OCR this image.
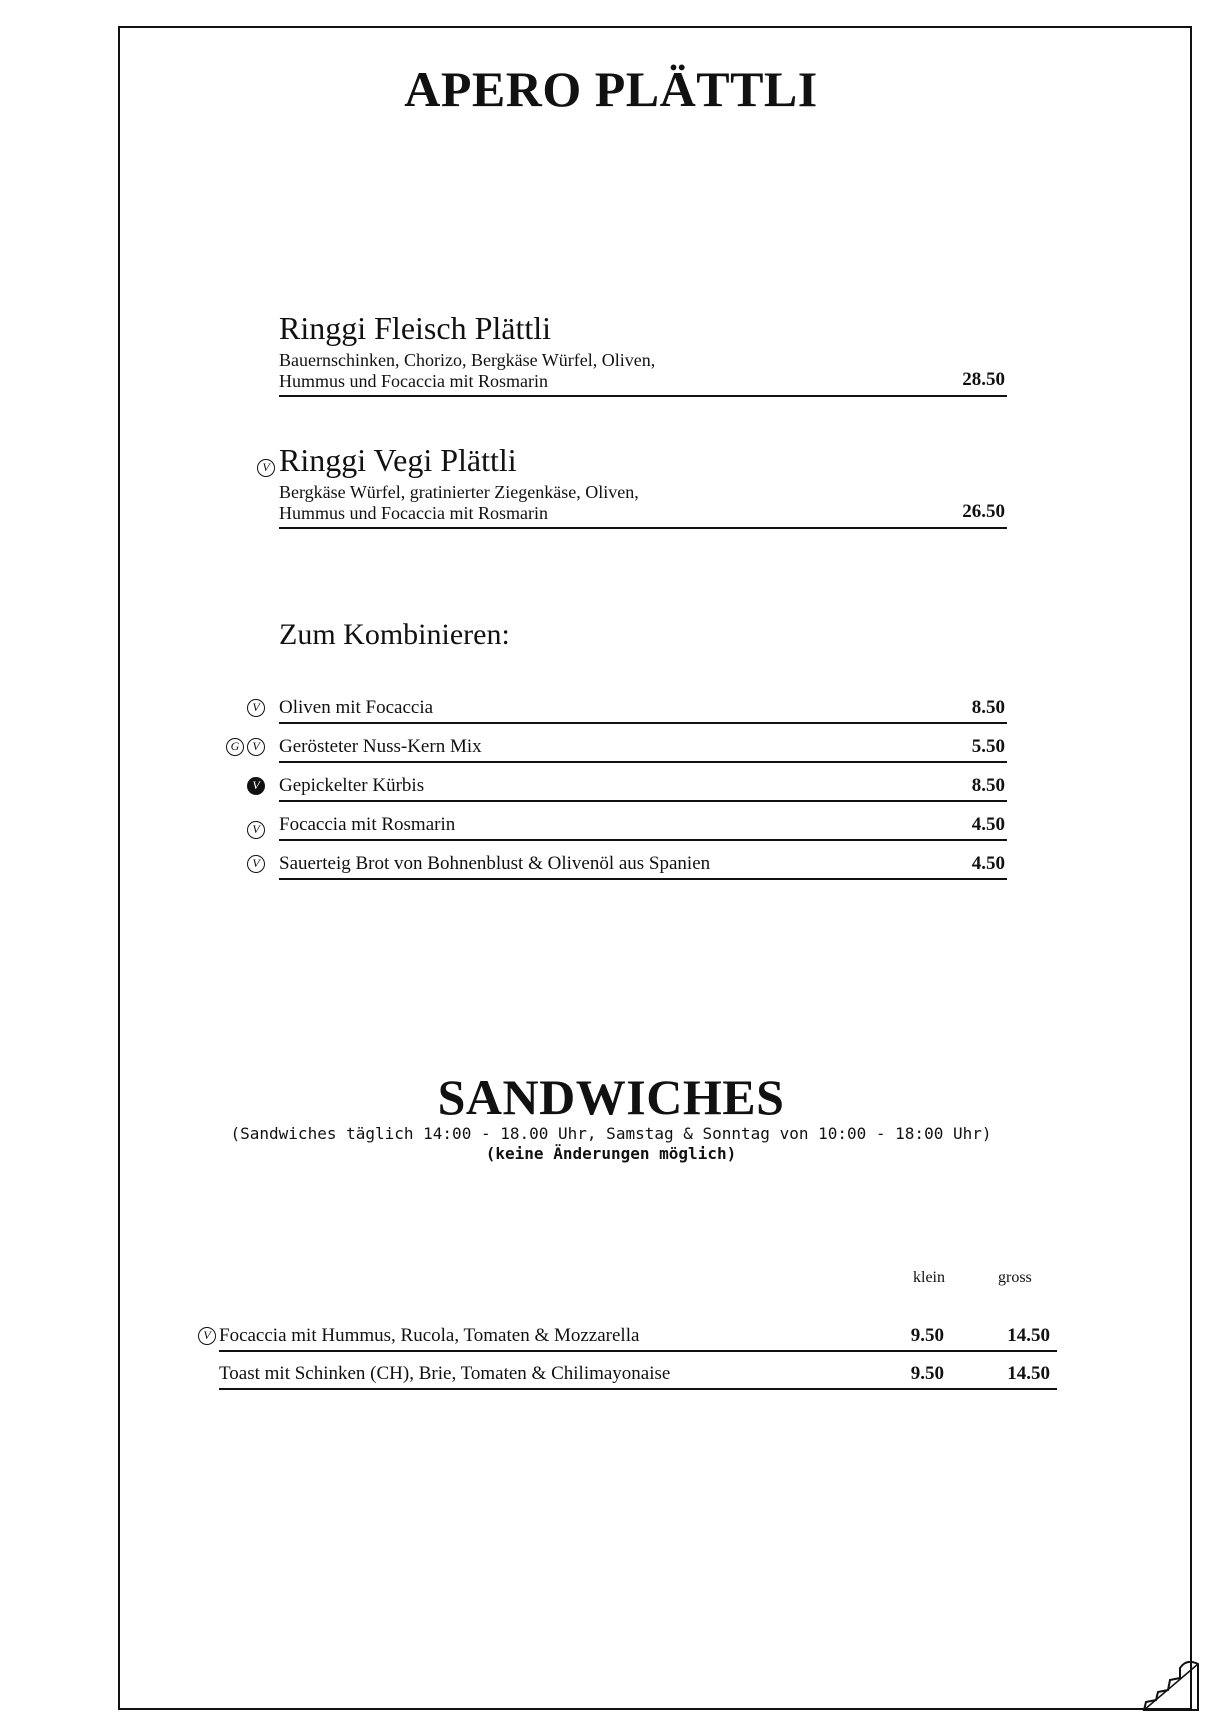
APERO PLÄTTLI
Ringgi Fleisch Plättli
Bauernschinken, Chorizo, Bergkäse Würfel, Oliven,
Hummus und Focaccia mit Rosmarin	28.50
V Ringgi Vegi Plättli
Bergkäse Würfel, gratinierter Ziegenkäse, Oliven,
Hummus und Focaccia mit Rosmarin	26.50
Zum Kombinieren:
V Oliven mit Focaccia	8.50
G	V Gerösteter Nuss-Kern Mix	5.50
V Gepickelter Kürbis	8.50
V Focaccia mit Rosmarin	4.50
V Sauerteig Brot von Bohnenblust & Olivenöl aus Spanien	4.50
SANDWICHES
(Sandwiches täglich 14:00 - 18.00 Uhr, Samstag & Sonntag von 10:00 - 18:00 Uhr)
(keine Änderungen möglich)
klein	gross
V Focaccia mit Hummus, Rucola, Tomaten & Mozzarella	9.50	14.50
Toast mit Schinken (CH), Brie, Tomaten & Chilimayonaise	9.50	14.50
